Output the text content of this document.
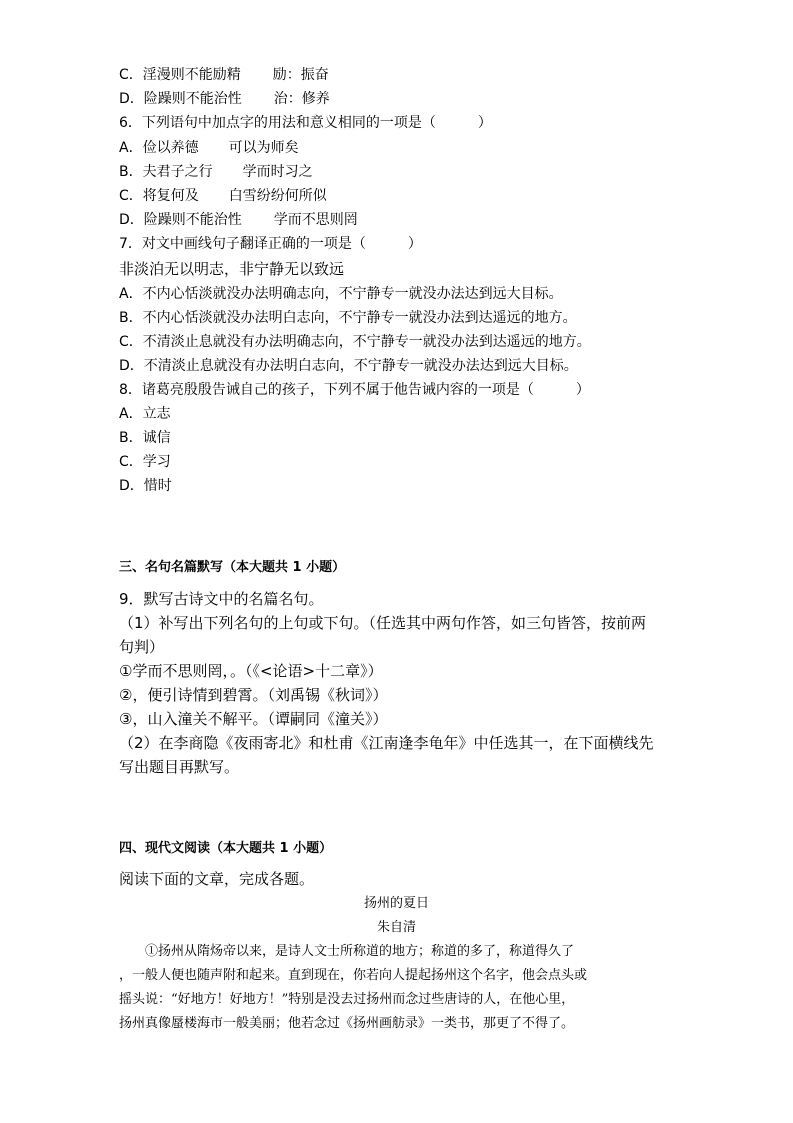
C．淫漫则不能励精 励：振奋
D．险躁则不能治性 治：修养
6．下列语句中加点字的用法和意义相同的一项是（　　　）
A．俭以养德 可以为师矣
B．夫君子之行 学而时习之
C．将复何及 白雪纷纷何所似
D．险躁则不能治性 学而不思则罔
7．对文中画线句子翻译正确的一项是（　　　）
非淡泊无以明志，非宁静无以致远
A．不内心恬淡就没办法明确志向，不宁静专一就没办法达到远大目标。
B．不内心恬淡就没办法明白志向，不宁静专一就没办法到达遥远的地方。
C．不清淡止息就没有办法明确志向，不宁静专一就没办法到达遥远的地方。
D．不清淡止息就没有办法明白志向，不宁静专一就没办法达到远大目标。
8．诸葛亮殷殷告诫自己的孩子，下列不属于他告诫内容的一项是（　　　）
A．立志
B．诚信
C．学习
D．惜时
三、名句名篇默写（本大题共 1 小题）
9．默写古诗文中的名篇名句。
（1）补写出下列名句的上句或下句。（任选其中两句作答，如三句皆答，按前两
句判）
①学而不思则罔，。（《<论语>十二章》）
②，便引诗情到碧霄。（刘禹锡《秋词》）
③，山入潼关不解平。（谭嗣同《潼关》）
（2）在李商隐《夜雨寄北》和杜甫《江南逢李龟年》中任选其一，在下面横线先
写出题目再默写。
四、现代文阅读（本大题共 1 小题）
阅读下面的文章，完成各题。
扬州的夏日
朱自清
①扬州从隋炀帝以来，是诗人文士所称道的地方；称道的多了，称道得久了
，一般人便也随声附和起来。直到现在，你若向人提起扬州这个名字，他会点头或
摇头说：“好地方！好地方！”特别是没去过扬州而念过些唐诗的人，在他心里，
扬州真像蜃楼海市一般美丽；他若念过《扬州画舫录》一类书，那更了不得了。
